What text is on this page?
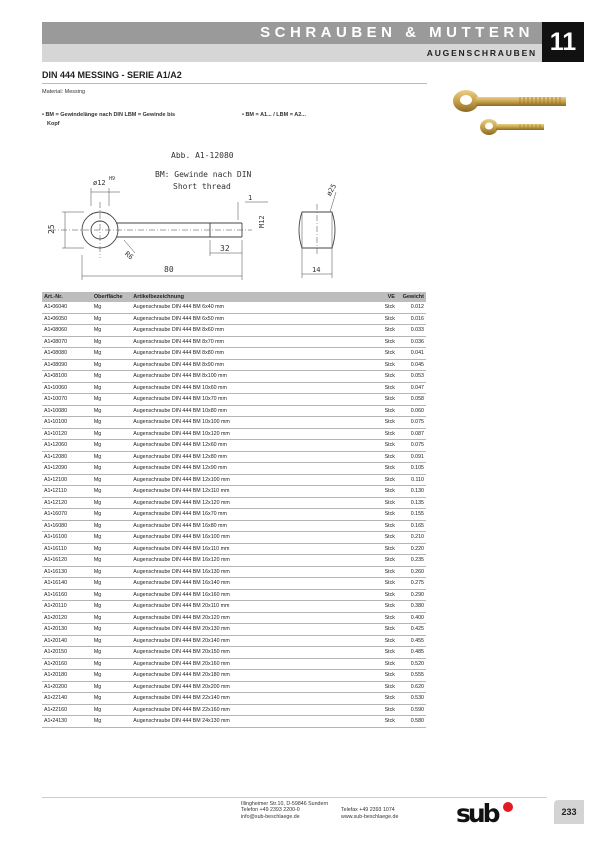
SCHRAUBEN & MUTTERN
AUGENSCHRAUBEN 11
DIN 444 MESSING - SERIE A1/A2
Material: Messing
• BM = Gewindelänge nach DIN LBM = Gewinde bis
Kopf
• BM = A1... / LBM = A2...
Abb. A1-12080
BM: Gewinde nach DIN
Short thread
25
ø12 H9
1
M12
32
80
R6
ø25
14
Art.-Nr.	Oberfläche	Artikelbezeichnung	VE	Gewicht
A1•06040	Mg	Augenschraube DIN 444 BM 6x40 mm	Stck	0.012
A1•06050	Mg	Augenschraube DIN 444 BM 6x50 mm	Stck	0.016
A1•08060	Mg	Augenschraube DIN 444 BM 8x60 mm	Stck	0.033
A1•08070	Mg	Augenschraube DIN 444 BM 8x70 mm	Stck	0.036
A1•08080	Mg	Augenschraube DIN 444 BM 8x80 mm	Stck	0.041
A1•08090	Mg	Augenschraube DIN 444 BM 8x90 mm	Stck	0.045
A1•08100	Mg	Augenschraube DIN 444 BM 8x100 mm	Stck	0.053
A1•10060	Mg	Augenschraube DIN 444 BM 10x60 mm	Stck	0.047
A1•10070	Mg	Augenschraube DIN 444 BM 10x70 mm	Stck	0.058
A1•10080	Mg	Augenschraube DIN 444 BM 10x80 mm	Stck	0.060
A1•10100	Mg	Augenschraube DIN 444 BM 10x100 mm	Stck	0.075
A1•10120	Mg	Augenschraube DIN 444 BM 10x120 mm	Stck	0.087
A1•12060	Mg	Augenschraube DIN 444 BM 12x60 mm	Stck	0.075
A1•12080	Mg	Augenschraube DIN 444 BM 12x80 mm	Stck	0.091
A1•12090	Mg	Augenschraube DIN 444 BM 12x90 mm	Stck	0.105
A1•12100	Mg	Augenschraube DIN 444 BM 12x100 mm	Stck	0.110
A1•12110	Mg	Augenschraube DIN 444 BM 12x110 mm	Stck	0.130
A1•12120	Mg	Augenschraube DIN 444 BM 12x120 mm	Stck	0.135
A1•16070	Mg	Augenschraube DIN 444 BM 16x70 mm	Stck	0.155
A1•16080	Mg	Augenschraube DIN 444 BM 16x80 mm	Stck	0.165
A1•16100	Mg	Augenschraube DIN 444 BM 16x100 mm	Stck	0.210
A1•16110	Mg	Augenschraube DIN 444 BM 16x110 mm	Stck	0.220
A1•16120	Mg	Augenschraube DIN 444 BM 16x120 mm	Stck	0.235
A1•16130	Mg	Augenschraube DIN 444 BM 16x130 mm	Stck	0.260
A1•16140	Mg	Augenschraube DIN 444 BM 16x140 mm	Stck	0.275
A1•16160	Mg	Augenschraube DIN 444 BM 16x160 mm	Stck	0.290
A1•20110	Mg	Augenschraube DIN 444 BM 20x110 mm	Stck	0.380
A1•20120	Mg	Augenschraube DIN 444 BM 20x120 mm	Stck	0.400
A1•20130	Mg	Augenschraube DIN 444 BM 20x130 mm	Stck	0.425
A1•20140	Mg	Augenschraube DIN 444 BM 20x140 mm	Stck	0.455
A1•20150	Mg	Augenschraube DIN 444 BM 20x150 mm	Stck	0.485
A1•20160	Mg	Augenschraube DIN 444 BM 20x160 mm	Stck	0.520
A1•20180	Mg	Augenschraube DIN 444 BM 20x180 mm	Stck	0.555
A1•20200	Mg	Augenschraube DIN 444 BM 20x200 mm	Stck	0.620
A1•22140	Mg	Augenschraube DIN 444 BM 22x140 mm	Stck	0.530
A1•22160	Mg	Augenschraube DIN 444 BM 22x160 mm	Stck	0.590
A1•24130	Mg	Augenschraube DIN 444 BM 24x130 mm	Stck	0.580
Illingheimer Str.10, D-59846 Sundern
Telefon +49 2393 2200-0
info@sub-beschlaege.de
Telefax +49 2393 1074
www.sub-beschlaege.de sub	233
